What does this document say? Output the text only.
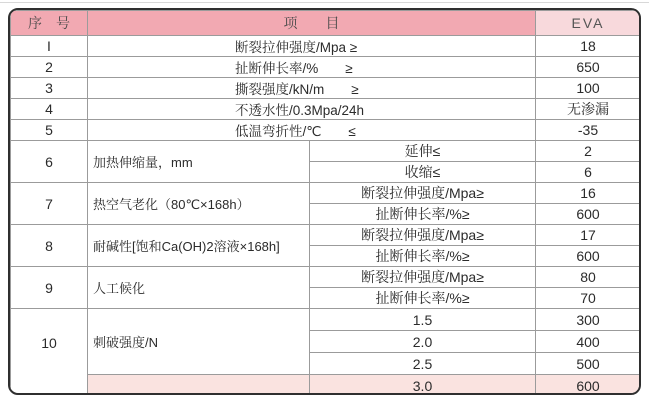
序　号	项　　目		EVA
I	断裂拉伸强度/Mpa ≥		18
2	扯断伸长率/%　　≥		650
3	撕裂强度/kN/m　　≥		100
4	不透水性/0.3Mpa/24h		无渗漏
5	低温弯折性/℃　　≤		-35
6	加热伸缩量，mm	延伸≤	2
		收缩≤	6
7	热空气老化（80℃×168h）	断裂拉伸强度/Mpa≥	16
		扯断伸长率/%≥	600
8	耐碱性[饱和Ca(OH)2溶液×168h]	断裂拉伸强度/Mpa≥	17
		扯断伸长率/%≥	600
9	人工候化	断裂拉伸强度/Mpa≥	80
		扯断伸长率/%≥	70
10	刺破强度/N	1.5	300
		2.0	400
		2.5	500
		3.0	600
